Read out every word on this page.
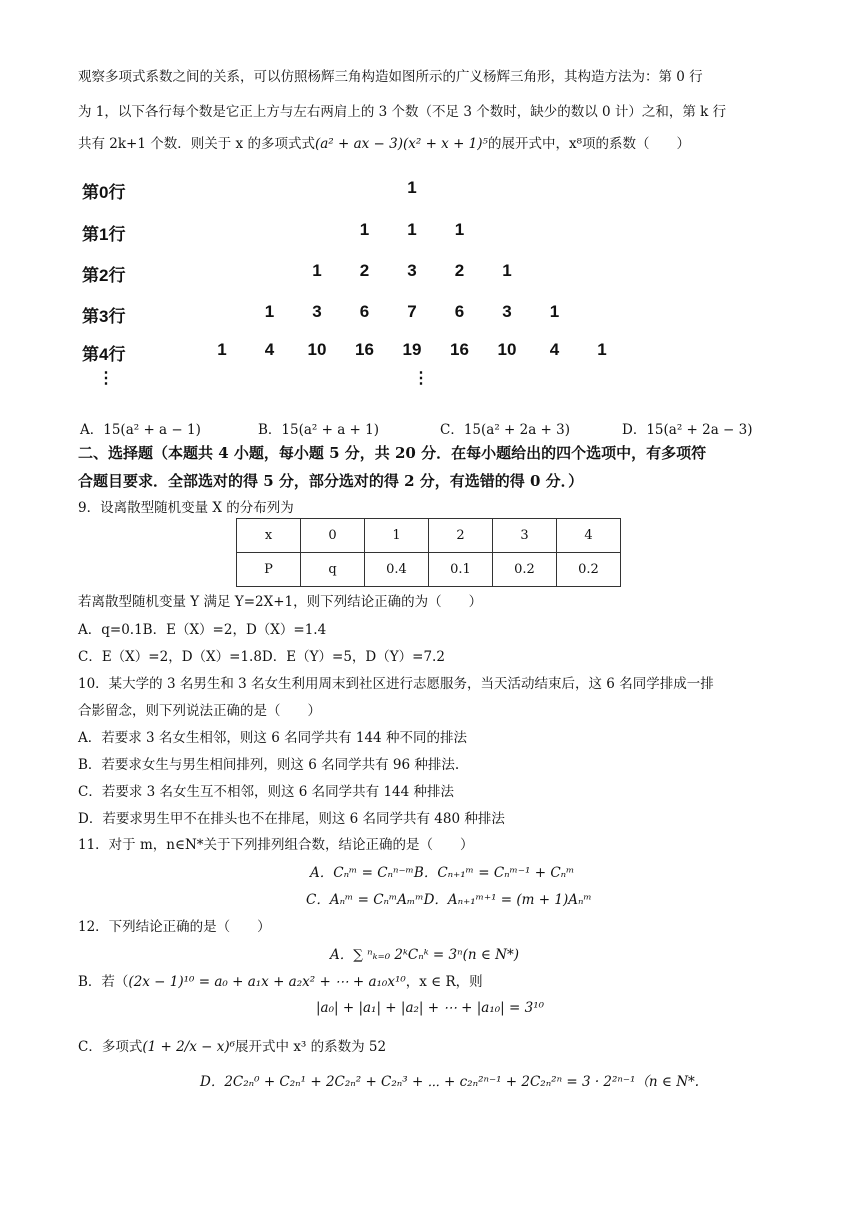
观察多项式系数之间的关系，可以仿照杨辉三角构造如图所示的广义杨辉三角形，其构造方法为：第 0 行
为 1，以下各行每个数是它正上方与左右两肩上的 3 个数（不足 3 个数时，缺少的数以 0 计）之和，第 k 行
共有 2k+1 个数．则关于 x 的多项式式(a² + ax − 3)(x² + x + 1)⁵的展开式中，x⁸项的系数（　　）
第0行	1
第1行	1	1	1
第2行	1	2	3	2	1
第3行	1	3	6	7	6	3	1
第4行	1	4	10	16	19	16	10	4	1
⋮	⋮
A．15(a² + a − 1)	B．15(a² + a + 1)	C．15(a² + 2a + 3)	D．15(a² + 2a − 3)
二、选择题（本题共 4 小题，每小题 5 分，共 20 分．在每小题给出的四个选项中，有多项符
合题目要求．全部选对的得 5 分，部分选对的得 2 分，有选错的得 0 分．）
9．设离散型随机变量 X 的分布列为
x	0	1	2	3	4
P	q	0.4	0.1	0.2	0.2
若离散型随机变量 Y 满足 Y=2X+1，则下列结论正确的为（　　）
A．q=0.1B．E（X）=2，D（X）=1.4
C．E（X）=2，D（X）=1.8D．E（Y）=5，D（Y）=7.2
10．某大学的 3 名男生和 3 名女生利用周末到社区进行志愿服务，当天活动结束后，这 6 名同学排成一排
合影留念，则下列说法正确的是（　　）
A．若要求 3 名女生相邻，则这 6 名同学共有 144 种不同的排法
B．若要求女生与男生相间排列，则这 6 名同学共有 96 种排法.
C．若要求 3 名女生互不相邻，则这 6 名同学共有 144 种排法
D．若要求男生甲不在排头也不在排尾，则这 6 名同学共有 480 种排法
11．对于 m，n∈N*关于下列排列组合数，结论正确的是（　　）
A．Cₙᵐ = Cₙⁿ⁻ᵐB．Cₙ₊₁ᵐ = Cₙᵐ⁻¹ + Cₙᵐ
C．Aₙᵐ = CₙᵐAₘᵐD．Aₙ₊₁ᵐ⁺¹ = (m + 1)Aₙᵐ
12．下列结论正确的是（　　）
A．∑ ⁿₖ₌₀ 2ᵏCₙᵏ = 3ⁿ(n ∈ N*)
B．若（(2x − 1)¹⁰ = a₀ + a₁x + a₂x² + ⋯ + a₁₀x¹⁰，x ∈ R，则
|a₀| + |a₁| + |a₂| + ⋯ + |a₁₀| = 3¹⁰
C．多项式(1 + 2/x − x)⁶展开式中 x³ 的系数为 52
D．2C₂ₙ⁰ + C₂ₙ¹ + 2C₂ₙ² + C₂ₙ³ + ⋯ + c₂ₙ²ⁿ⁻¹ + 2C₂ₙ²ⁿ = 3 · 2²ⁿ⁻¹（n ∈ N*.
